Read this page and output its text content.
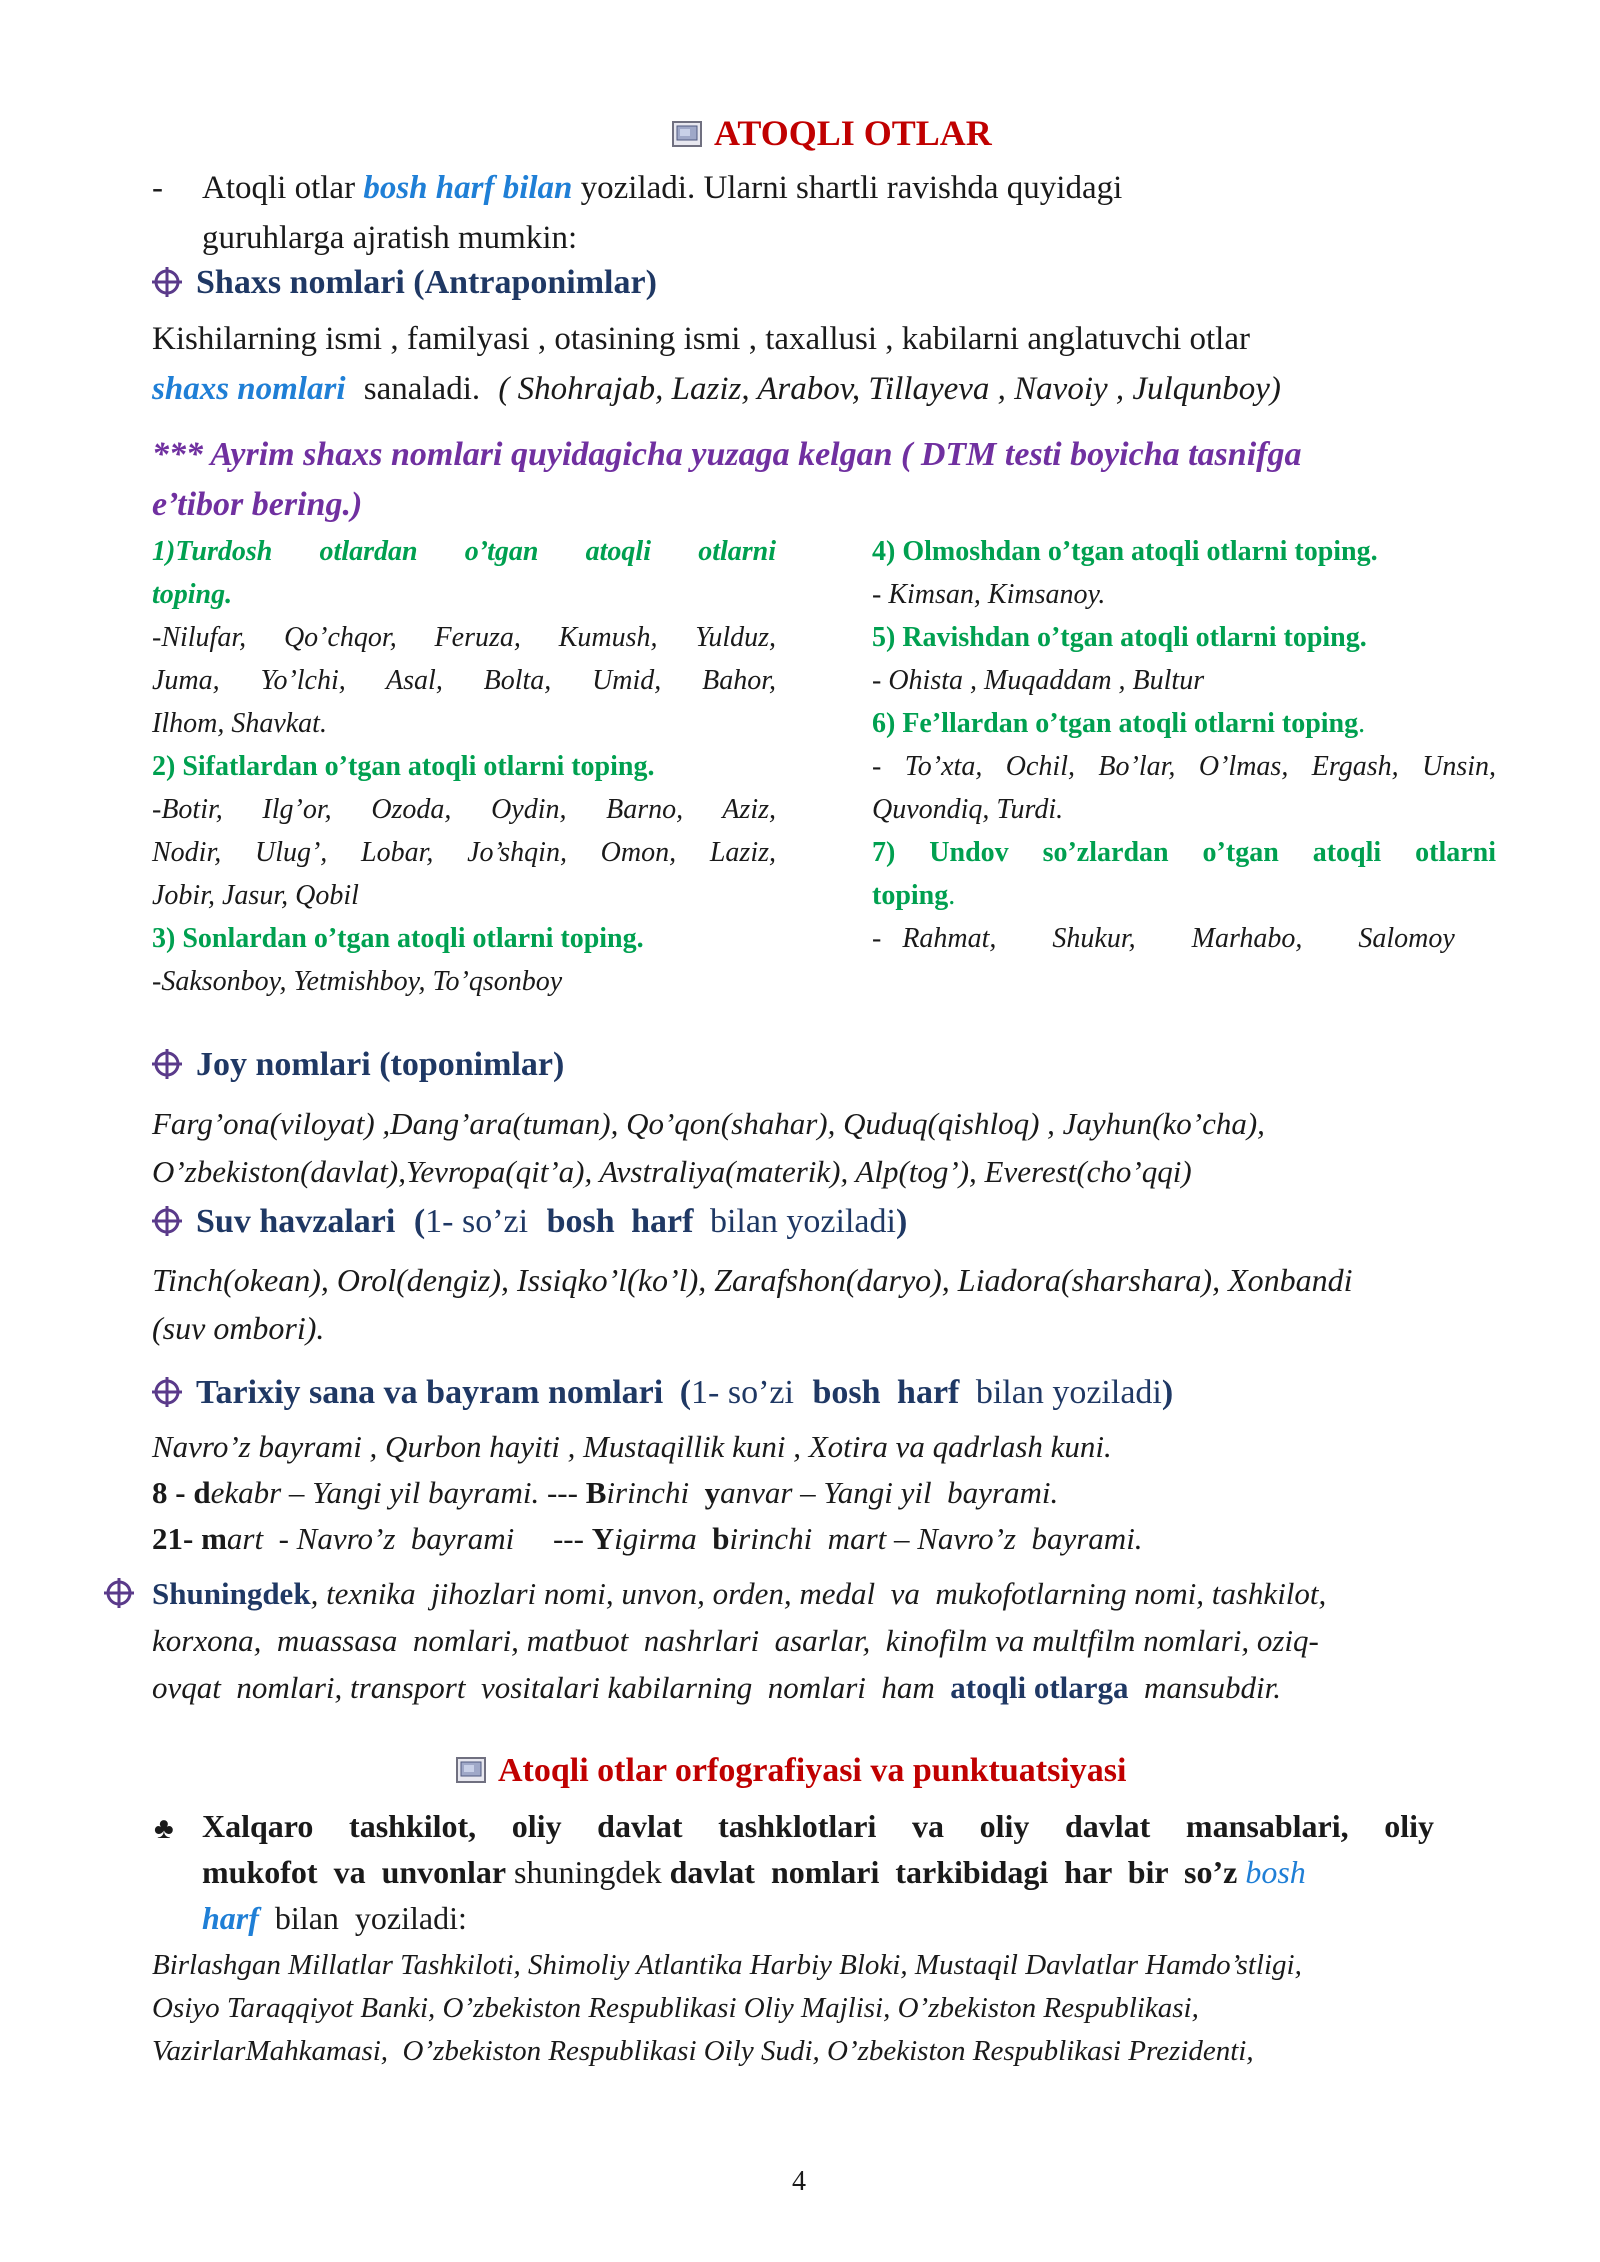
ATOQLI OTLAR
- Atoqli otlar bosh harf bilan yoziladi. Ularni shartli ravishda quyidagi
guruhlarga ajratish mumkin:
Shaxs nomlari (Antraponimlar)
Kishilarning ismi , familyasi , otasining ismi , taxallusi , kabilarni anglatuvchi otlar
shaxs nomlari sanaladi. ( Shohrajab, Laziz, Arabov, Tillayeva , Navoiy , Julqunboy)
*** Ayrim shaxs nomlari quyidagicha yuzaga kelgan ( DTM testi boyicha tasnifga
e’tibor bering.)
1)Turdosh otlardan o’tgan atoqli otlarni
toping.
-Nilufar, Qo’chqor, Feruza, Kumush, Yulduz,
Juma, Yo’lchi, Asal, Bolta, Umid, Bahor,
Ilhom, Shavkat.
2) Sifatlardan o’tgan atoqli otlarni toping.
-Botir, Ilg’or, Ozoda, Oydin, Barno, Aziz,
Nodir, Ulug’, Lobar, Jo’shqin, Omon, Laziz,
Jobir, Jasur, Qobil
3) Sonlardan o’tgan atoqli otlarni toping.
-Saksonboy, Yetmishboy, To’qsonboy
4) Olmoshdan o’tgan atoqli otlarni toping.
- Kimsan, Kimsanoy.
5) Ravishdan o’tgan atoqli otlarni toping.
- Ohista , Muqaddam , Bultur
6) Fe’llardan o’tgan atoqli otlarni toping.
- To’xta, Ochil, Bo’lar, O’lmas, Ergash, Unsin,
Quvondiq, Turdi.
7) Undov so’zlardan o’tgan atoqli otlarni
toping.
-   Rahmat,        Shukur,        Marhabo,        Salomoy
Joy nomlari (toponimlar)
Farg’ona(viloyat) ,Dang’ara(tuman), Qo’qon(shahar), Quduq(qishloq) , Jayhun(ko’cha),
O’zbekiston(davlat),Yevropa(qit’a), Avstraliya(materik), Alp(tog’), Everest(cho’qqi)
Suv havzalari (1- so’zi bosh harf bilan yoziladi)
Tinch(okean), Orol(dengiz), Issiqko’l(ko’l), Zarafshon(daryo), Liadora(sharshara), Xonbandi
(suv ombori).
Tarixiy sana va bayram nomlari (1- so’zi bosh harf bilan yoziladi)
Navro’z bayrami , Qurbon hayiti , Mustaqillik kuni , Xotira va qadrlash kuni.
8 - dekabr – Yangi yil bayrami. --- Birinchi yanvar – Yangi yil  bayrami.
21- mart  - Navro’z  bayrami     --- Yigirma birinchi  mart – Navro’z  bayrami.
Shuningdek, texnika  jihozlari nomi, unvon, orden, medal  va  mukofotlarning nomi, tashkilot,
korxona,  muassasa  nomlari, matbuot  nashrlari  asarlar,  kinofilm va multfilm nomlari, oziq-
ovqat  nomlari, transport  vositalari kabilarning  nomlari  ham atoqli otlarga mansubdir.
Atoqli otlar orfografiyasi va punktuatsiyasi
♣ Xalqaro tashkilot, oliy davlat tashklotlari va oliy davlat mansablari, oliy
mukofot  va  unvonlar shuningdek davlat  nomlari  tarkibidagi  har  bir  so’z bosh
harf bilan  yoziladi:
Birlashgan Millatlar Tashkiloti, Shimoliy Atlantika Harbiy Bloki, Mustaqil Davlatlar Hamdo’stligi,
Osiyo Taraqqiyot Banki, O’zbekiston Respublikasi Oliy Majlisi, O’zbekiston Respublikasi,
VazirlarMahkamasi,  O’zbekiston Respublikasi Oily Sudi, O’zbekiston Respublikasi Prezidenti,
4
